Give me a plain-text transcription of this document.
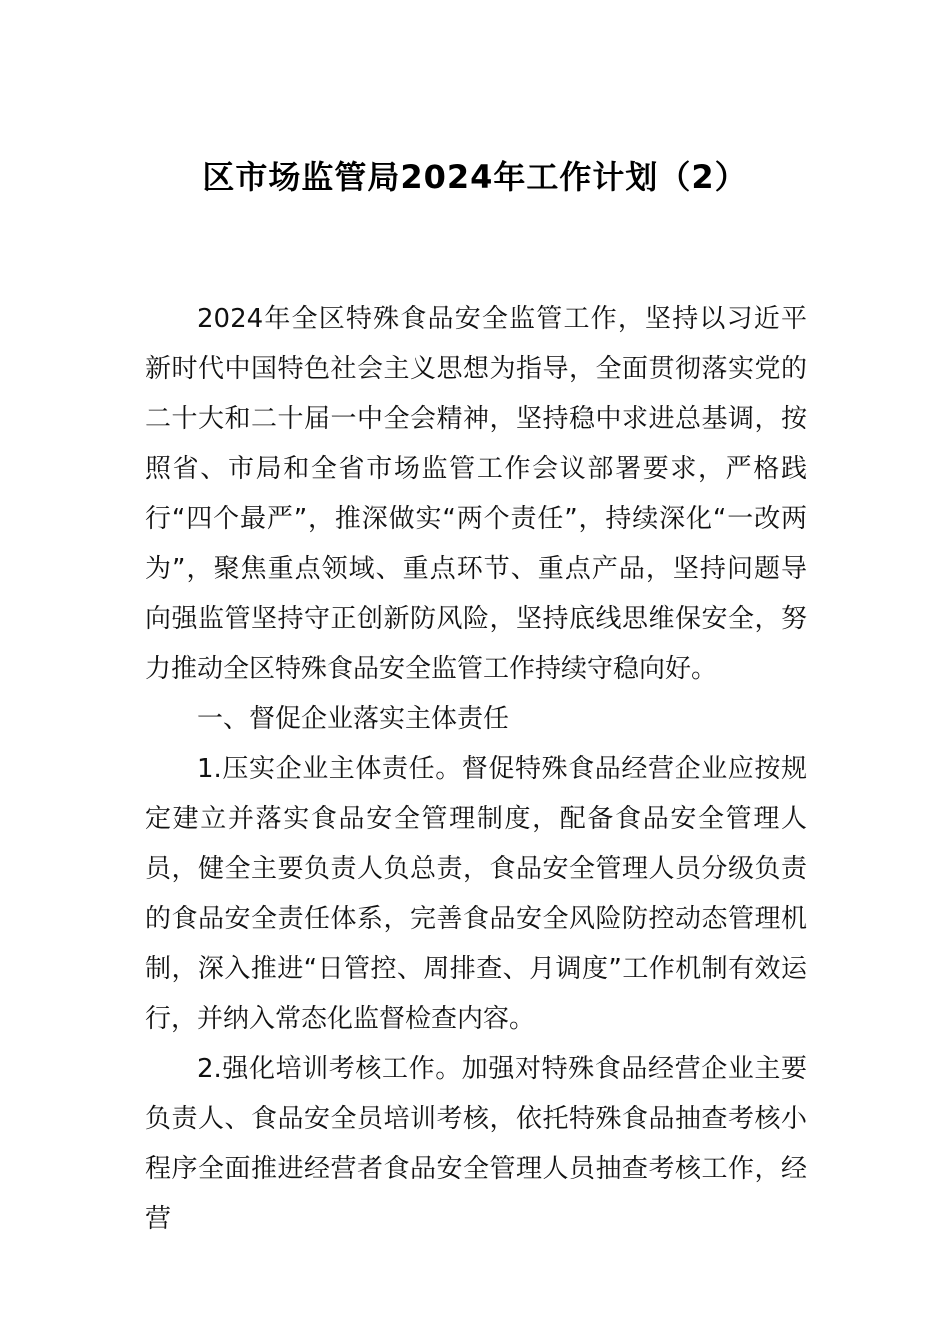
区市场监管局2024年工作计划（2）

2024年全区特殊食品安全监管工作，坚持以习近平新时代中国特色社会主义思想为指导，全面贯彻落实党的二十大和二十届一中全会精神，坚持稳中求进总基调，按照省、市局和全省市场监管工作会议部署要求，严格践行“四个最严”，推深做实“两个责任”，持续深化“一改两为”，聚焦重点领域、重点环节、重点产品，坚持问题导向强监管坚持守正创新防风险，坚持底线思维保安全，努力推动全区特殊食品安全监管工作持续守稳向好。

一、督促企业落实主体责任

1.压实企业主体责任。督促特殊食品经营企业应按规定建立并落实食品安全管理制度，配备食品安全管理人员，健全主要负责人负总责，食品安全管理人员分级负责的食品安全责任体系，完善食品安全风险防控动态管理机制，深入推进“日管控、周排查、月调度”工作机制有效运行，并纳入常态化监督检查内容。

2.强化培训考核工作。加强对特殊食品经营企业主要负责人、食品安全员培训考核，依托特殊食品抽查考核小程序全面推进经营者食品安全管理人员抽查考核工作，经营
